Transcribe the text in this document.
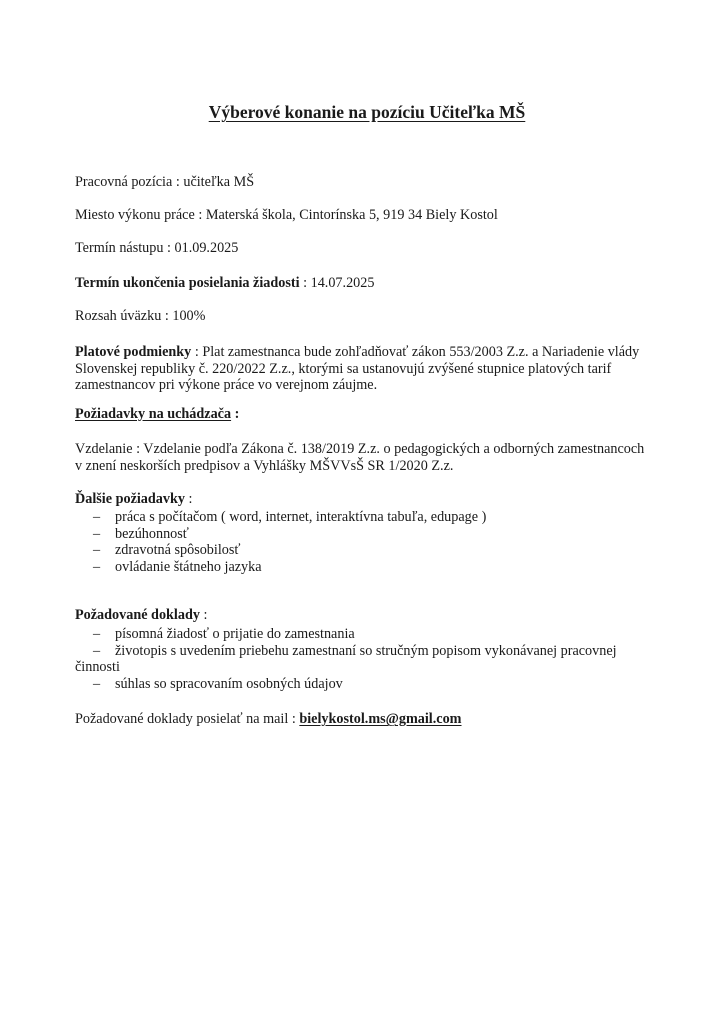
Výberové konanie na pozíciu Učiteľka MŠ
Pracovná pozícia : učiteľka MŠ
Miesto výkonu práce : Materská škola, Cintorínska 5, 919 34 Biely Kostol
Termín nástupu : 01.09.2025
Termín ukončenia posielania žiadosti : 14.07.2025
Rozsah úväzku : 100%
Platové podmienky : Plat zamestnanca bude zohľadňovať zákon 553/2003 Z.z. a Nariadenie vlády
Slovenskej republiky č. 220/2022 Z.z., ktorými sa ustanovujú zvýšené stupnice platových tarif
zamestnancov pri výkone práce vo verejnom záujme.
Požiadavky na uchádzača :
Vzdelanie : Vzdelanie podľa Zákona č. 138/2019 Z.z. o pedagogických a odborných zamestnancoch
v znení neskorších predpisov a Vyhlášky MŠVVsŠ SR 1/2020 Z.z.
Ďalšie požiadavky :
– práca s počítačom ( word, internet, interaktívna tabuľa, edupage )
– bezúhonnosť
– zdravotná spôsobilosť
– ovládanie štátneho jazyka
Požadované doklady :
– písomná žiadosť o prijatie do zamestnania
– životopis s uvedením priebehu zamestnaní so stručným popisom vykonávanej pracovnej
činnosti
– súhlas so spracovaním osobných údajov
Požadované doklady posielať na mail : bielykostol.ms@gmail.com
